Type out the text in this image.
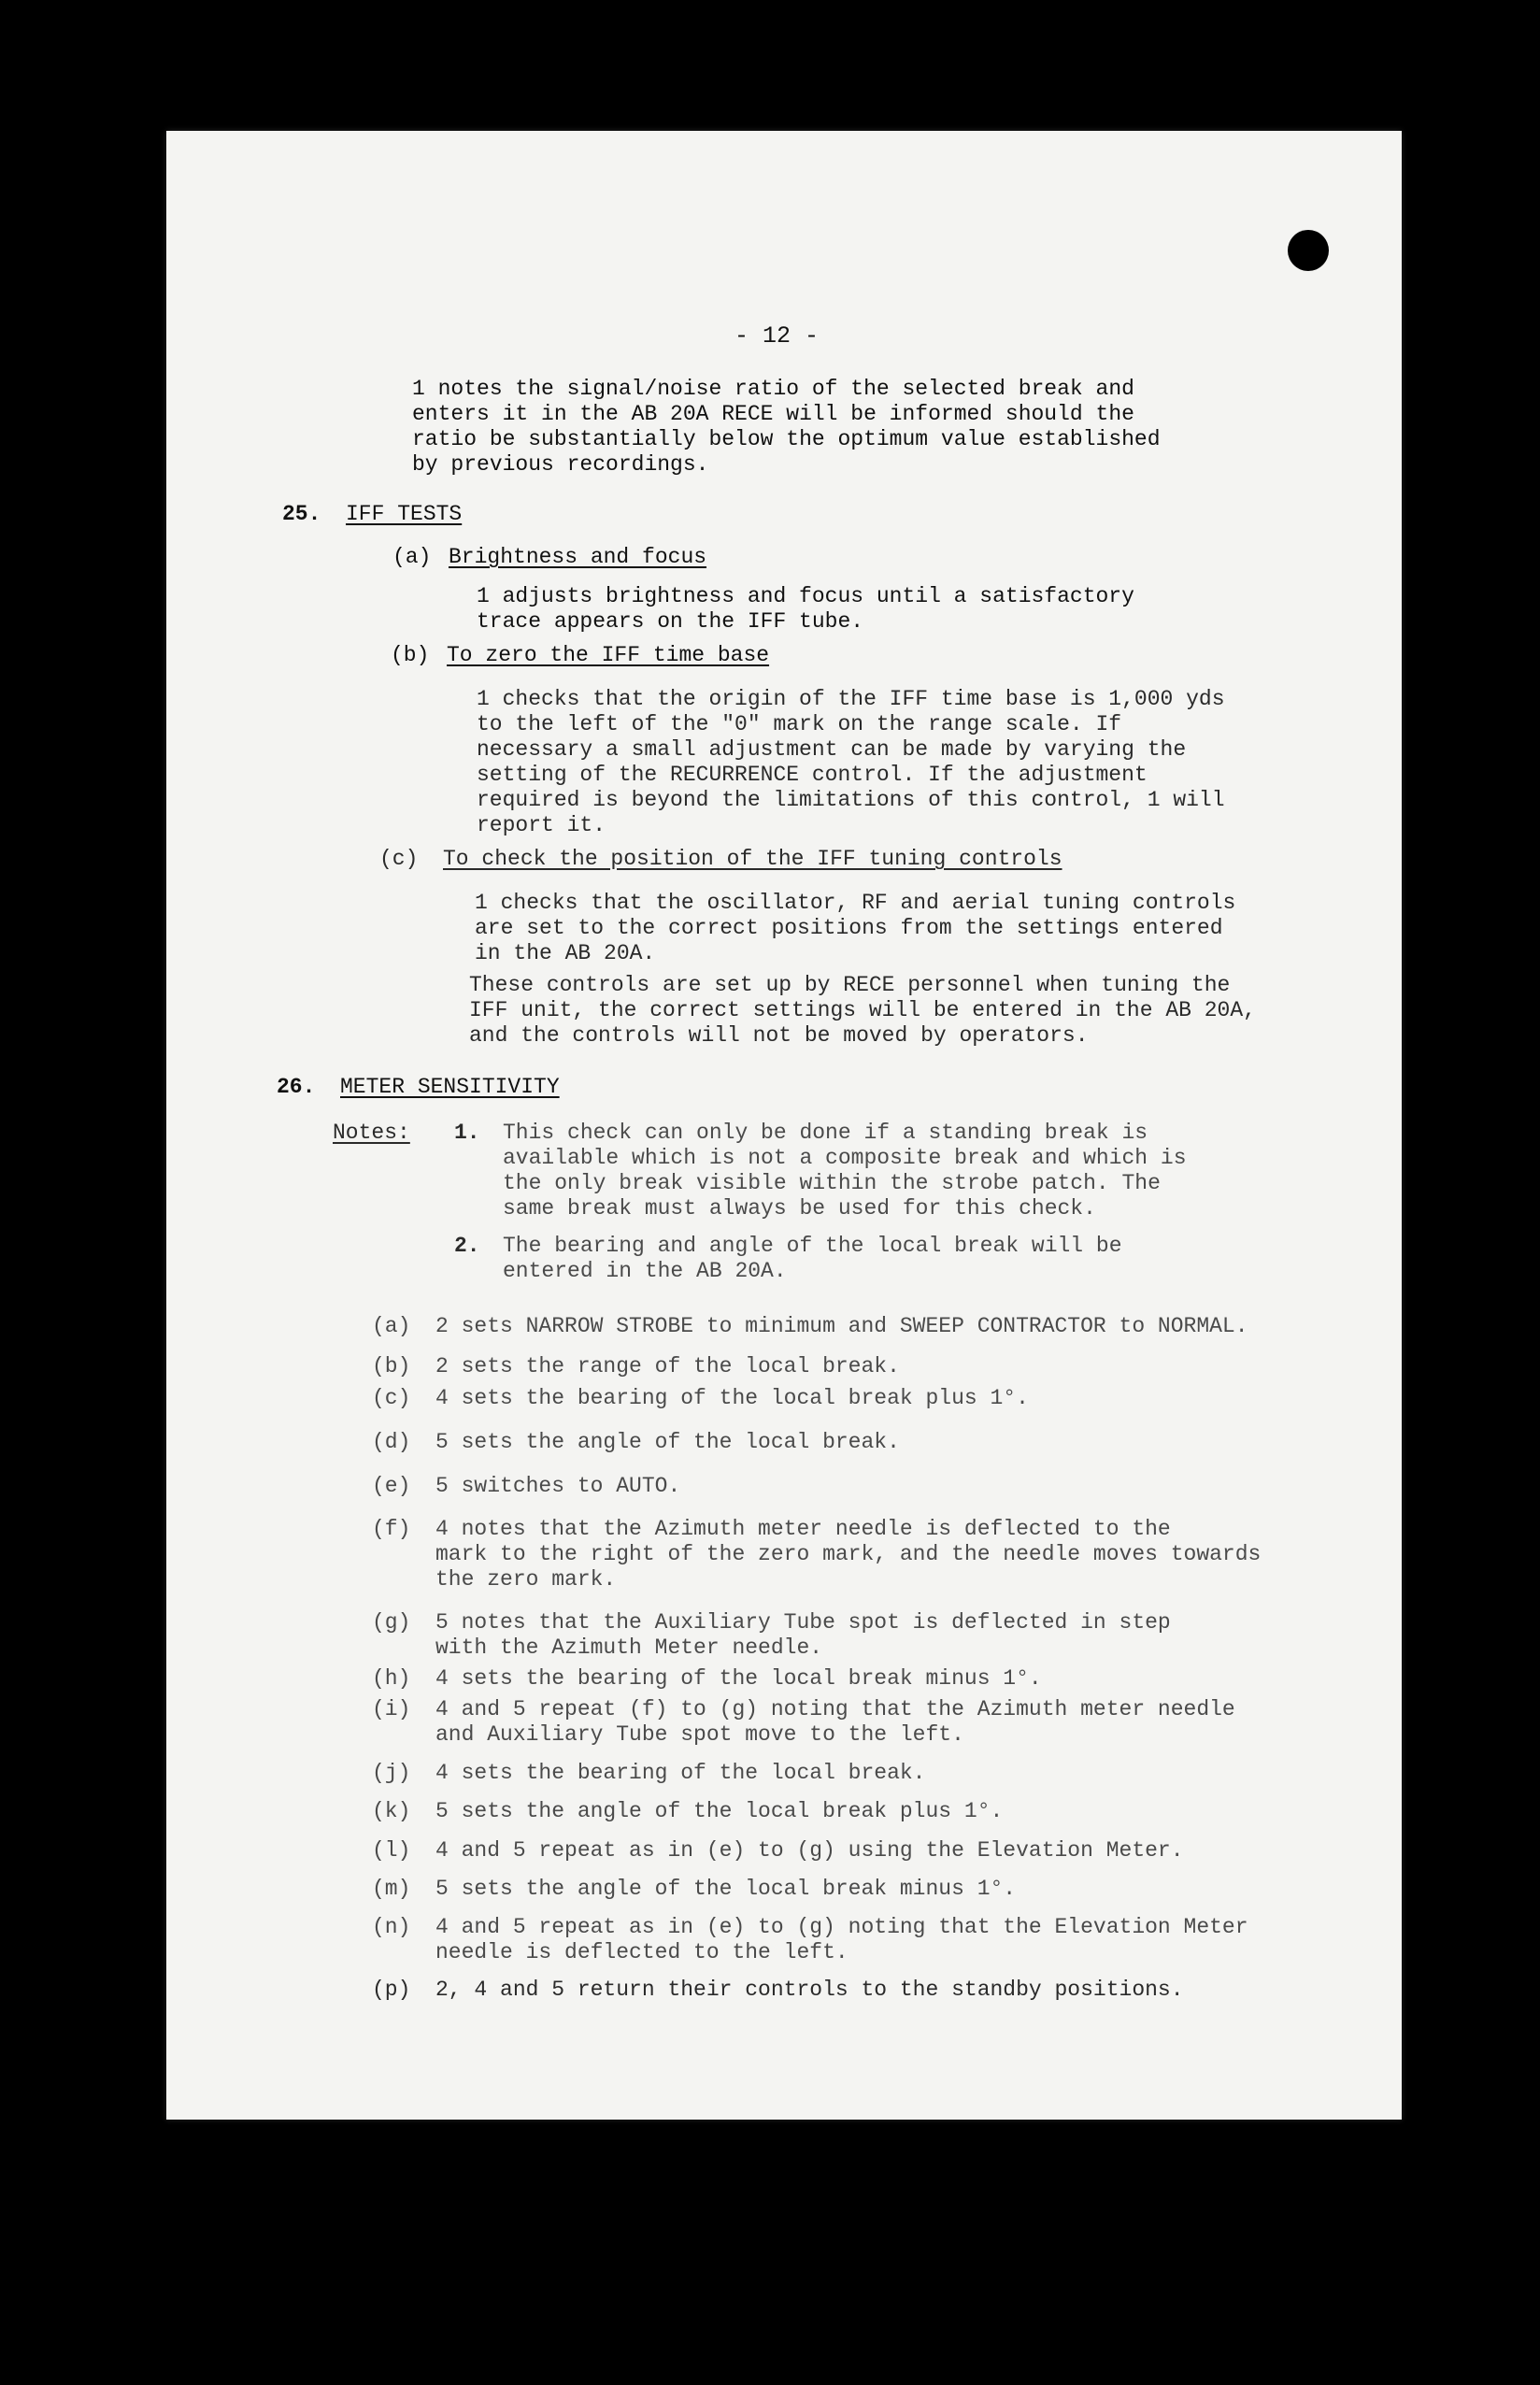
- 12 -
1 notes the signal/noise ratio of the selected break and
enters it in the AB 20A RECE will be informed should the
ratio be substantially below the optimum value established
by previous recordings.
25. IFF TESTS
(a) Brightness and focus
1 adjusts brightness and focus until a satisfactory
trace appears on the IFF tube.
(b) To zero the IFF time base
1 checks that the origin of the IFF time base is 1,000 yds
to the left of the "0" mark on the range scale. If
necessary a small adjustment can be made by varying the
setting of the RECURRENCE control. If the adjustment
required is beyond the limitations of this control, 1 will
report it.
(c) To check the position of the IFF tuning controls
1 checks that the oscillator, RF and aerial tuning controls
are set to the correct positions from the settings entered
in the AB 20A.
These controls are set up by RECE personnel when tuning the
IFF unit, the correct settings will be entered in the AB 20A,
and the controls will not be moved by operators.
26. METER SENSITIVITY
Notes: 1. This check can only be done if a standing break is
available which is not a composite break and which is
the only break visible within the strobe patch. The
same break must always be used for this check.
2. The bearing and angle of the local break will be
entered in the AB 20A.
(a) 2 sets NARROW STROBE to minimum and SWEEP CONTRACTOR to NORMAL.
(b) 2 sets the range of the local break.
(c) 4 sets the bearing of the local break plus 1°.
(d) 5 sets the angle of the local break.
(e) 5 switches to AUTO.
(f) 4 notes that the Azimuth meter needle is deflected to the
mark to the right of the zero mark, and the needle moves towards
the zero mark.
(g) 5 notes that the Auxiliary Tube spot is deflected in step
with the Azimuth Meter needle.
(h) 4 sets the bearing of the local break minus 1°.
(i) 4 and 5 repeat (f) to (g) noting that the Azimuth meter needle
and Auxiliary Tube spot move to the left.
(j) 4 sets the bearing of the local break.
(k) 5 sets the angle of the local break plus 1°.
(l) 4 and 5 repeat as in (e) to (g) using the Elevation Meter.
(m) 5 sets the angle of the local break minus 1°.
(n) 4 and 5 repeat as in (e) to (g) noting that the Elevation Meter
needle is deflected to the left.
(p) 2, 4 and 5 return their controls to the standby positions.
